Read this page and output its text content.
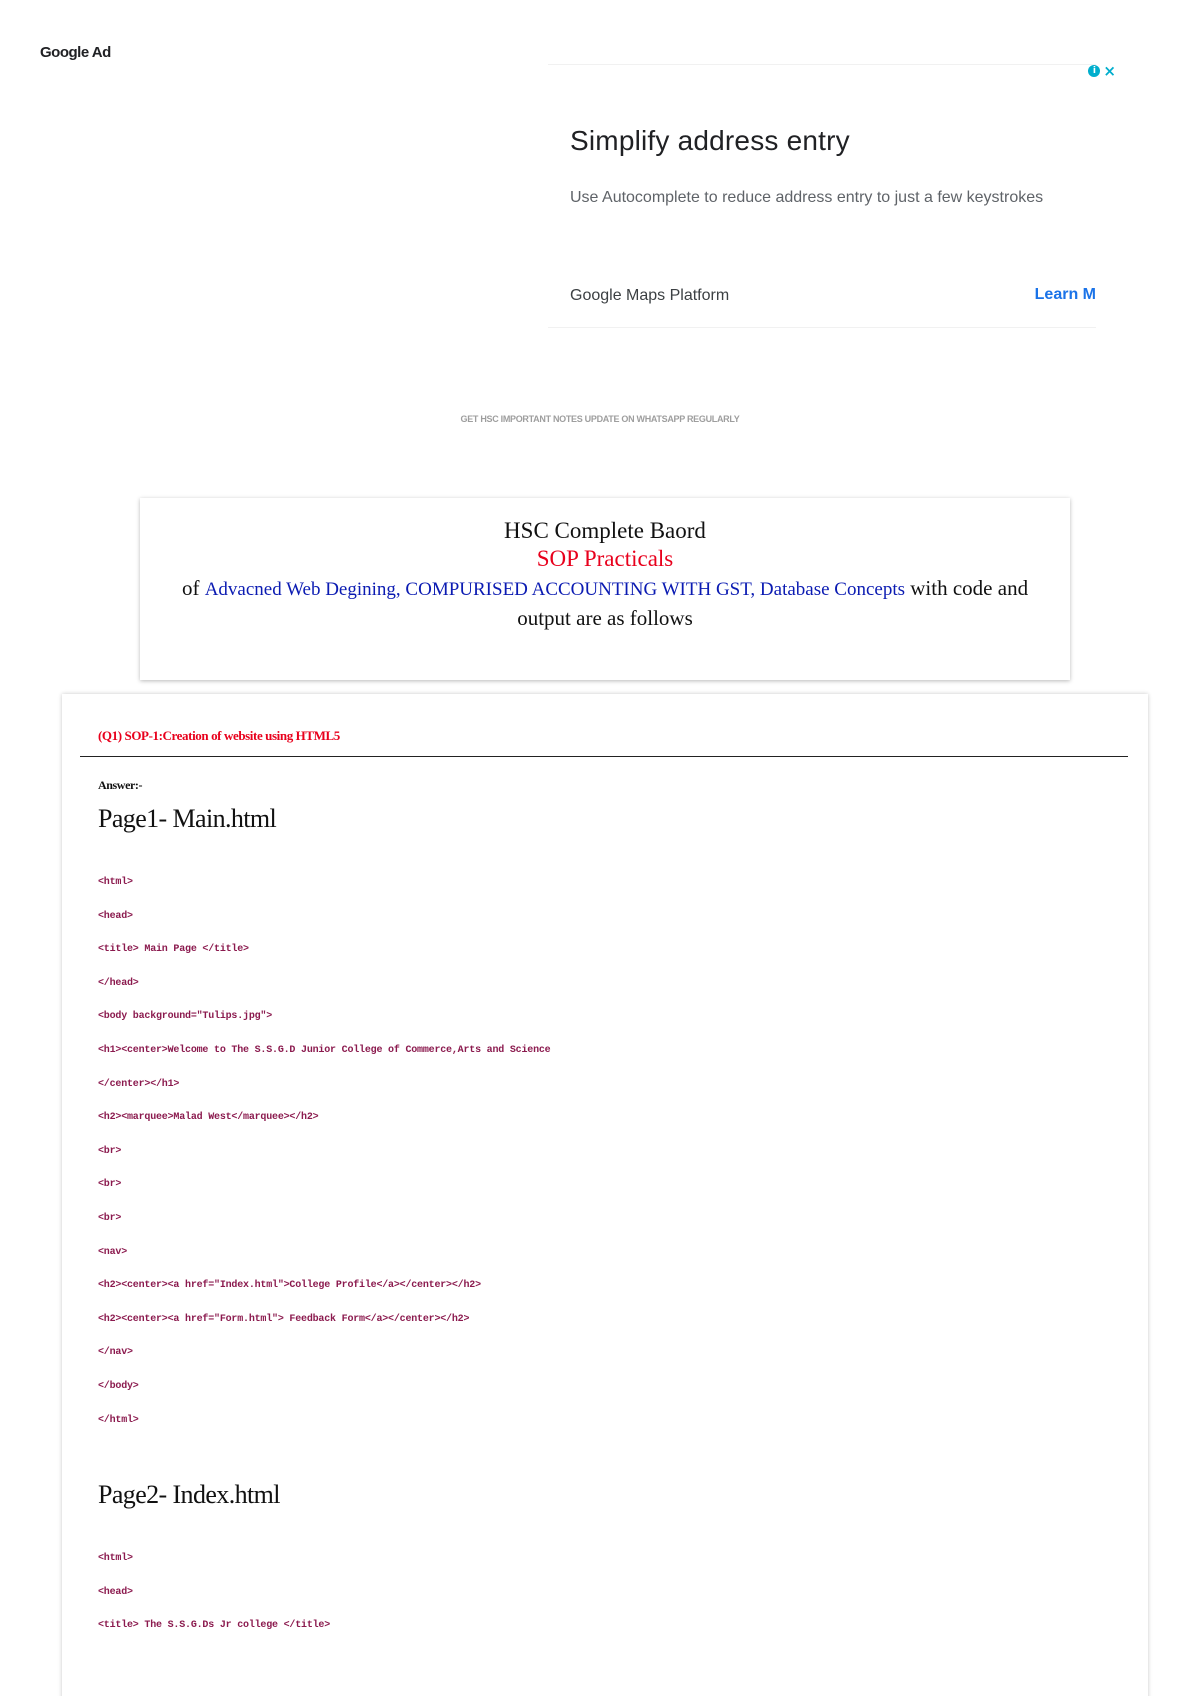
Google Ad
i ×
Simplify address entry
Use Autocomplete to reduce address entry to just a few keystrokes
Google Maps Platform	Learn M
GET HSC IMPORTANT NOTES UPDATE ON WHATSAPP REGULARLY
HSC Complete Baord
SOP Practicals
of Advacned Web Degining, COMPURISED ACCOUNTING WITH GST, Database Concepts with code and output are as follows
(Q1) SOP-1:Creation of website using HTML5
Answer:-
Page1- Main.html
<html>
<head>
<title> Main Page </title>
</head>
<body background="Tulips.jpg">
<h1><center>Welcome to The S.S.G.D Junior College of Commerce,Arts and Science
</center></h1>
<h2><marquee>Malad West</marquee></h2>
<br>
<br>
<br>
<nav>
<h2><center><a href="Index.html">College Profile</a></center></h2>
<h2><center><a href="Form.html"> Feedback Form</a></center></h2>
</nav>
</body>
</html>
Page2- Index.html
<html>
<head>
<title> The S.S.G.Ds Jr college </title>
